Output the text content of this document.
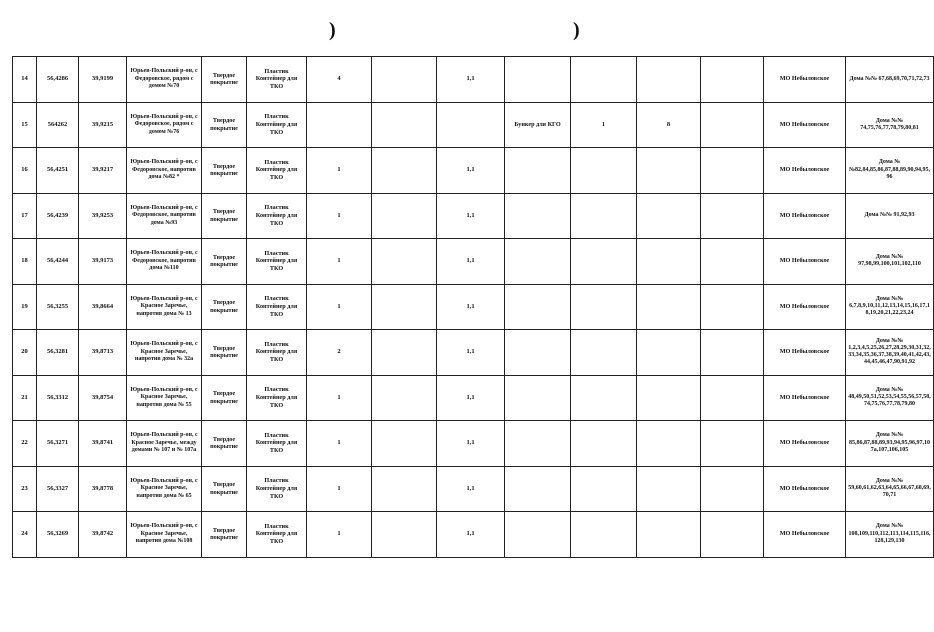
)	)
14	56,4286	39,9199	Юрьев-Польский р-он, с Федоровское, рядом с домом №70	Твердое покрытие	Пластик Контейнер для ТКО	4		1,1					МО Небыловское	Дома №№ 67,68,69,70,71,72,73
15	564262	39,9215	Юрьев-Польский р-он, с Федоровское, рядом с домом №76	Твердое покрытие	Пластик Контейнер для ТКО				Бункер для КГО	1	8		МО Небыловское	Дома №№ 74,75,76,77,78,79,80,81
16	56,4251	39,9217	Юрьев-Польский р-он, с Федоровское, напротив дома №82 *	Твердое покрытие	Пластик Контейнер для ТКО	1		1,1					МО Небыловское	Дома №№82,84,85,86,87,88,89,90,94,95,96
17	56,4239	39,9253	Юрьев-Польский р-он, с Федоровское, напротив дома №93	Твердое покрытие	Пластик Контейнер для ТКО	1		1,1					МО Небыловское	Дома №№ 91,92,93
18	56,4244	39,9173	Юрьев-Польский р-он, с Федоровское, напротив дома №110	Твердое покрытие	Пластик Контейнер для ТКО	1		1,1					МО Небыловское	Дома №№ 97,98,99,100,101,102,110
19	56,3255	39,8664	Юрьев-Польский р-он, с Красное Заречье, напротив дома № 13	Твердое покрытие	Пластик Контейнер для ТКО	1		1,1					МО Небыловское	Дома №№ 6,7,8,9,10,11,12,13,14,15,16,17,18,19,20,21,22,23,24
20	56,3281	39,8713	Юрьев-Польский р-он, с Красное Заречье, напротив дома № 32а	Твердое покрытие	Пластик Контейнер для ТКО	2		1,1					МО Небыловское	Дома №№ 1,2,3,4,5,25,26,27,28,29,30,31,32,33,34,35,36,37,38,39,40,41,42,43,44,45,46,47,90,91,92
21	56,3312	39,8754	Юрьев-Польский р-он, с Красное Заречье, напротив дома № 55	Твердое покрытие	Пластик Контейнер для ТКО	1		1,1					МО Небыловское	Дома №№ 48,49,50,51,52,53,54,55,56,57,58,74,75,76,77,78,79,80
22	56,3271	39,8741	Юрьев-Польский р-он, с Красное Заречье, между домами № 107 и № 107а	Твердое покрытие	Пластик Контейнер для ТКО	1		1,1					МО Небыловское	Дома №№ 85,86,87,88,89,93,94,95,96,97,107а,107,106,105
23	56,3327	39,8778	Юрьев-Польский р-он, с Красное Заречье, напротив дома № 65	Твердое покрытие	Пластик Контейнер для ТКО	1		1,1					МО Небыловское	Дома №№ 59,60,61,62,63,64,65,66,67,68,69,70,71
24	56,3269	39,8742	Юрьев-Польский р-он, с Красное Заречье, напротив дома №108	Твердое покрытие	Пластик Контейнер для ТКО	1		1,1					МО Небыловское	Дома №№ 108,109,110,112,113,114,115,116,128,129,130
